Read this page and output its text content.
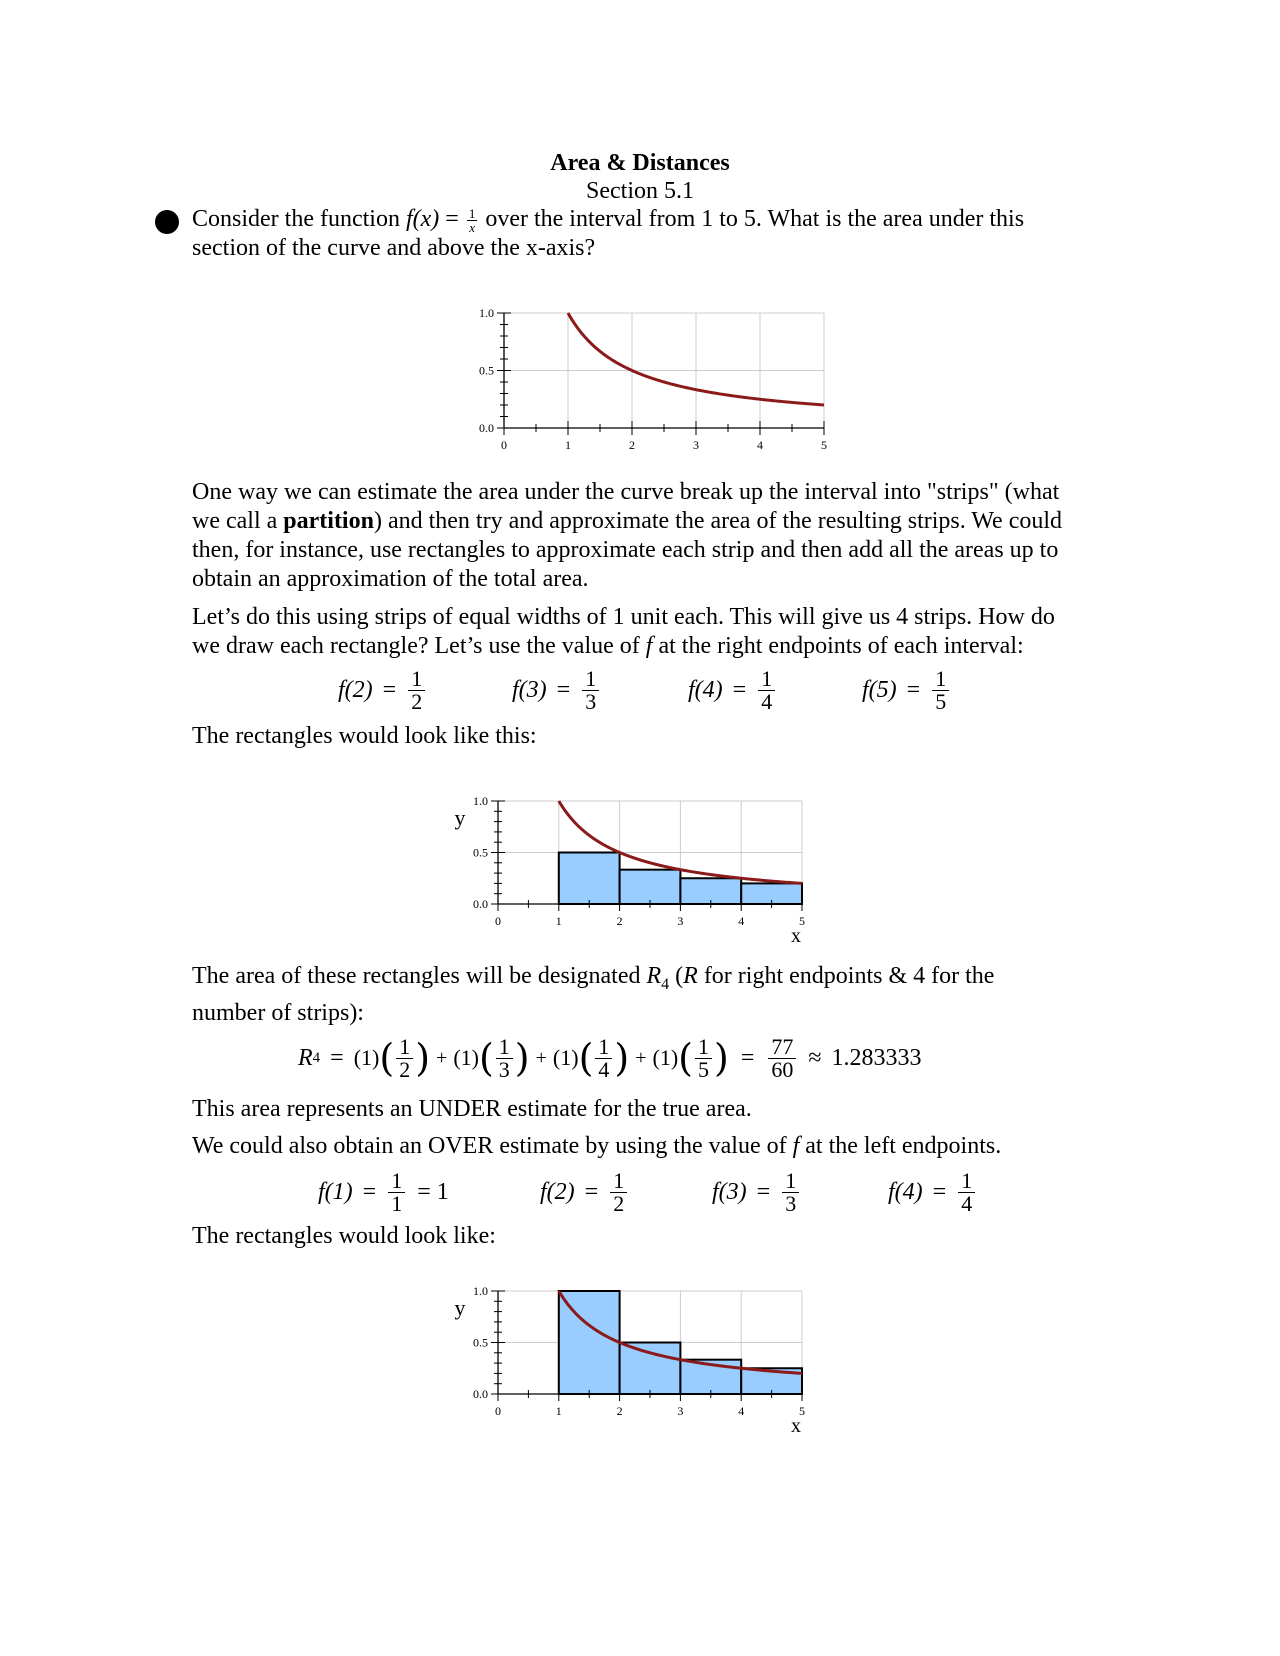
Area & Distances
Section 5.1
Consider the function $f(x) = \frac{1}{x}$ over the interval from 1 to 5. What is the area under this
section of the curve and above the x-axis?
0	1	2	3	4	5
0.0
0.5
1.0
One way we can estimate the area under the curve break up the interval into "strips" (what
we call a partition) and then try and approximate the area of the resulting strips. We could
then, for instance, use rectangles to approximate each strip and then add all the areas up to
obtain an approximation of the total area.
Let’s do this using strips of equal widths of 1 unit each. This will give us 4 strips. How do
we draw each rectangle? Let’s use the value of f at the right endpoints of each interval:
$f(2) = \frac{1}{2}$	$f(3) = \frac{1}{3}$	$f(4) = \frac{1}{4}$	$f(5) = \frac{1}{5}$
The rectangles would look like this:
0	1	2	3	4	5
0.0
0.5
1.0
x
y
The area of these rectangles will be designated $R_4$ (R for right endpoints & 4 for the
number of strips):
R 4 = (1) ( $\frac{1}{2}$ ) + (1) ( $\frac{1}{3}$ ) + (1) ( $\frac{1}{4}$ ) + (1) ( $\frac{1}{5}$ ) = $\frac{77}{60} \approx 1.283333$
This area represents an UNDER estimate for the true area.
We could also obtain an OVER estimate by using the value of f at the left endpoints.
$f(1) = \frac{1}{1} = 1$	$f(2) = \frac{1}{2}$	$f(3) = \frac{1}{3}$	$f(4) = \frac{1}{4}$
The rectangles would look like:
0	1	2	3	4	5
0.0
0.5
1.0
x
y
